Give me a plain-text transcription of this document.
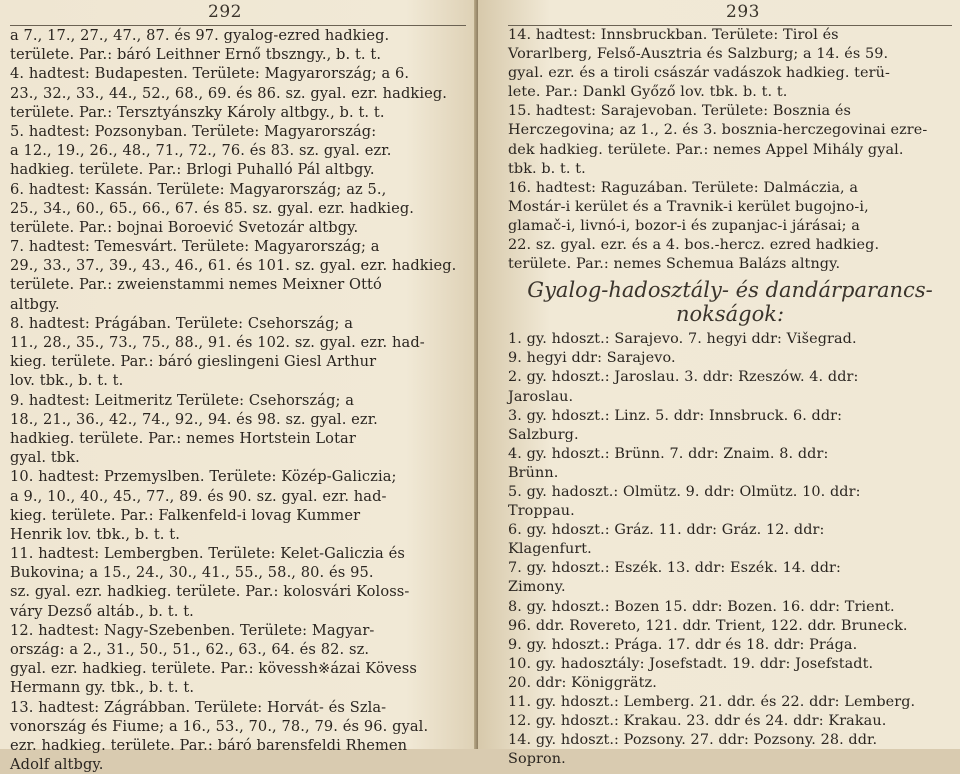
292
a 7., 17., 27., 47., 87. és 97. gyalog-ezred hadkieg.
területe. Par.: báró Leithner Ernő tbszngy., b. t. t.
4. hadtest: Budapesten. Területe: Magyarország; a 6.
23., 32., 33., 44., 52., 68., 69. és 86. sz. gyal. ezr. hadkieg.
területe. Par.: Tersztyánszky Károly altbgy., b. t. t.
5. hadtest: Pozsonyban. Területe: Magyarország:
a 12., 19., 26., 48., 71., 72., 76. és 83. sz. gyal. ezr.
hadkieg. területe. Par.: Brlogi Puhalló Pál altbgy.
6. hadtest: Kassán. Területe: Magyarország; az 5.,
25., 34., 60., 65., 66., 67. és 85. sz. gyal. ezr. hadkieg.
területe. Par.: bojnai Boroević Svetozár altbgy.
7. hadtest: Temesvárt. Területe: Magyarország; a
29., 33., 37., 39., 43., 46., 61. és 101. sz. gyal. ezr. hadkieg.
területe. Par.: zweienstammi nemes Meixner Ottó
altbgy.
8. hadtest: Prágában. Területe: Csehország; a
11., 28., 35., 73., 75., 88., 91. és 102. sz. gyal. ezr. had-
kieg. területe. Par.: báró gieslingeni Giesl Arthur
lov. tbk., b. t. t.
9. hadtest: Leitmeritz Területe: Csehország; a
18., 21., 36., 42., 74., 92., 94. és 98. sz. gyal. ezr.
hadkieg. területe. Par.: nemes Hortstein Lotar
gyal. tbk.
10. hadtest: Przemyslben. Területe: Közép-Galiczia;
a 9., 10., 40., 45., 77., 89. és 90. sz. gyal. ezr. had-
kieg. területe. Par.: Falkenfeld-i lovag Kummer
Henrik lov. tbk., b. t. t.
11. hadtest: Lembergben. Területe: Kelet-Galiczia és
Bukovina; a 15., 24., 30., 41., 55., 58., 80. és 95.
sz. gyal. ezr. hadkieg. területe. Par.: kolosvári Koloss-
váry Dezső altáb., b. t. t.
12. hadtest: Nagy-Szebenben. Területe: Magyar-
ország: a 2., 31., 50., 51., 62., 63., 64. és 82. sz.
gyal. ezr. hadkieg. területe. Par.: kövessh※ázai Kövess
Hermann gy. tbk., b. t. t.
13. hadtest: Zágrábban. Területe: Horvát- és Szla-
vonország és Fiume; a 16., 53., 70., 78., 79. és 96. gyal.
ezr. hadkieg. területe. Par.: báró barensfeldi Rhemen
Adolf altbgy.
293
14. hadtest: Innsbruckban. Területe: Tirol és
Vorarlberg, Felső-Ausztria és Salzburg; a 14. és 59.
gyal. ezr. és a tiroli császár vadászok hadkieg. terü-
lete. Par.: Dankl Győző lov. tbk. b. t. t.
15. hadtest: Sarajevoban. Területe: Bosznia és
Herczegovina; az 1., 2. és 3. bosznia-herczegovinai ezre-
dek hadkieg. területe. Par.: nemes Appel Mihály gyal.
tbk. b. t. t.
16. hadtest: Raguzában. Területe: Dalmáczia, a
Mostár-i kerület és a Travnik-i kerület bugojno-i,
glamač-i, livnó-i, bozor-i és zupanjac-i járásai; a
22. sz. gyal. ezr. és a 4. bos.-hercz. ezred hadkieg.
területe. Par.: nemes Schemua Balázs altngy.
Gyalog-hadosztály- és dandárparancs-
nokságok:
1. gy. hdoszt.: Sarajevo. 7. hegyi ddr: Višegrad.
9. hegyi ddr: Sarajevo.
2. gy. hdoszt.: Jaroslau. 3. ddr: Rzeszów. 4. ddr:
Jaroslau.
3. gy. hdoszt.: Linz. 5. ddr: Innsbruck. 6. ddr:
Salzburg.
4. gy. hdoszt.: Brünn. 7. ddr: Znaim. 8. ddr:
Brünn.
5. gy. hadoszt.: Olmütz. 9. ddr: Olmütz. 10. ddr:
Troppau.
6. gy. hdoszt.: Gráz. 11. ddr: Gráz. 12. ddr:
Klagenfurt.
7. gy. hdoszt.: Eszék. 13. ddr: Eszék. 14. ddr:
Zimony.
8. gy. hdoszt.: Bozen 15. ddr: Bozen. 16. ddr: Trient.
96. ddr. Rovereto, 121. ddr. Trient, 122. ddr. Bruneck.
9. gy. hdoszt.: Prága. 17. ddr és 18. ddr: Prága.
10. gy. hadosztály: Josefstadt. 19. ddr: Josefstadt.
20. ddr: Königgrätz.
11. gy. hdoszt.: Lemberg. 21. ddr. és 22. ddr: Lemberg.
12. gy. hdoszt.: Krakau. 23. ddr és 24. ddr: Krakau.
14. gy. hdoszt.: Pozsony. 27. ddr: Pozsony. 28. ddr.
Sopron.
